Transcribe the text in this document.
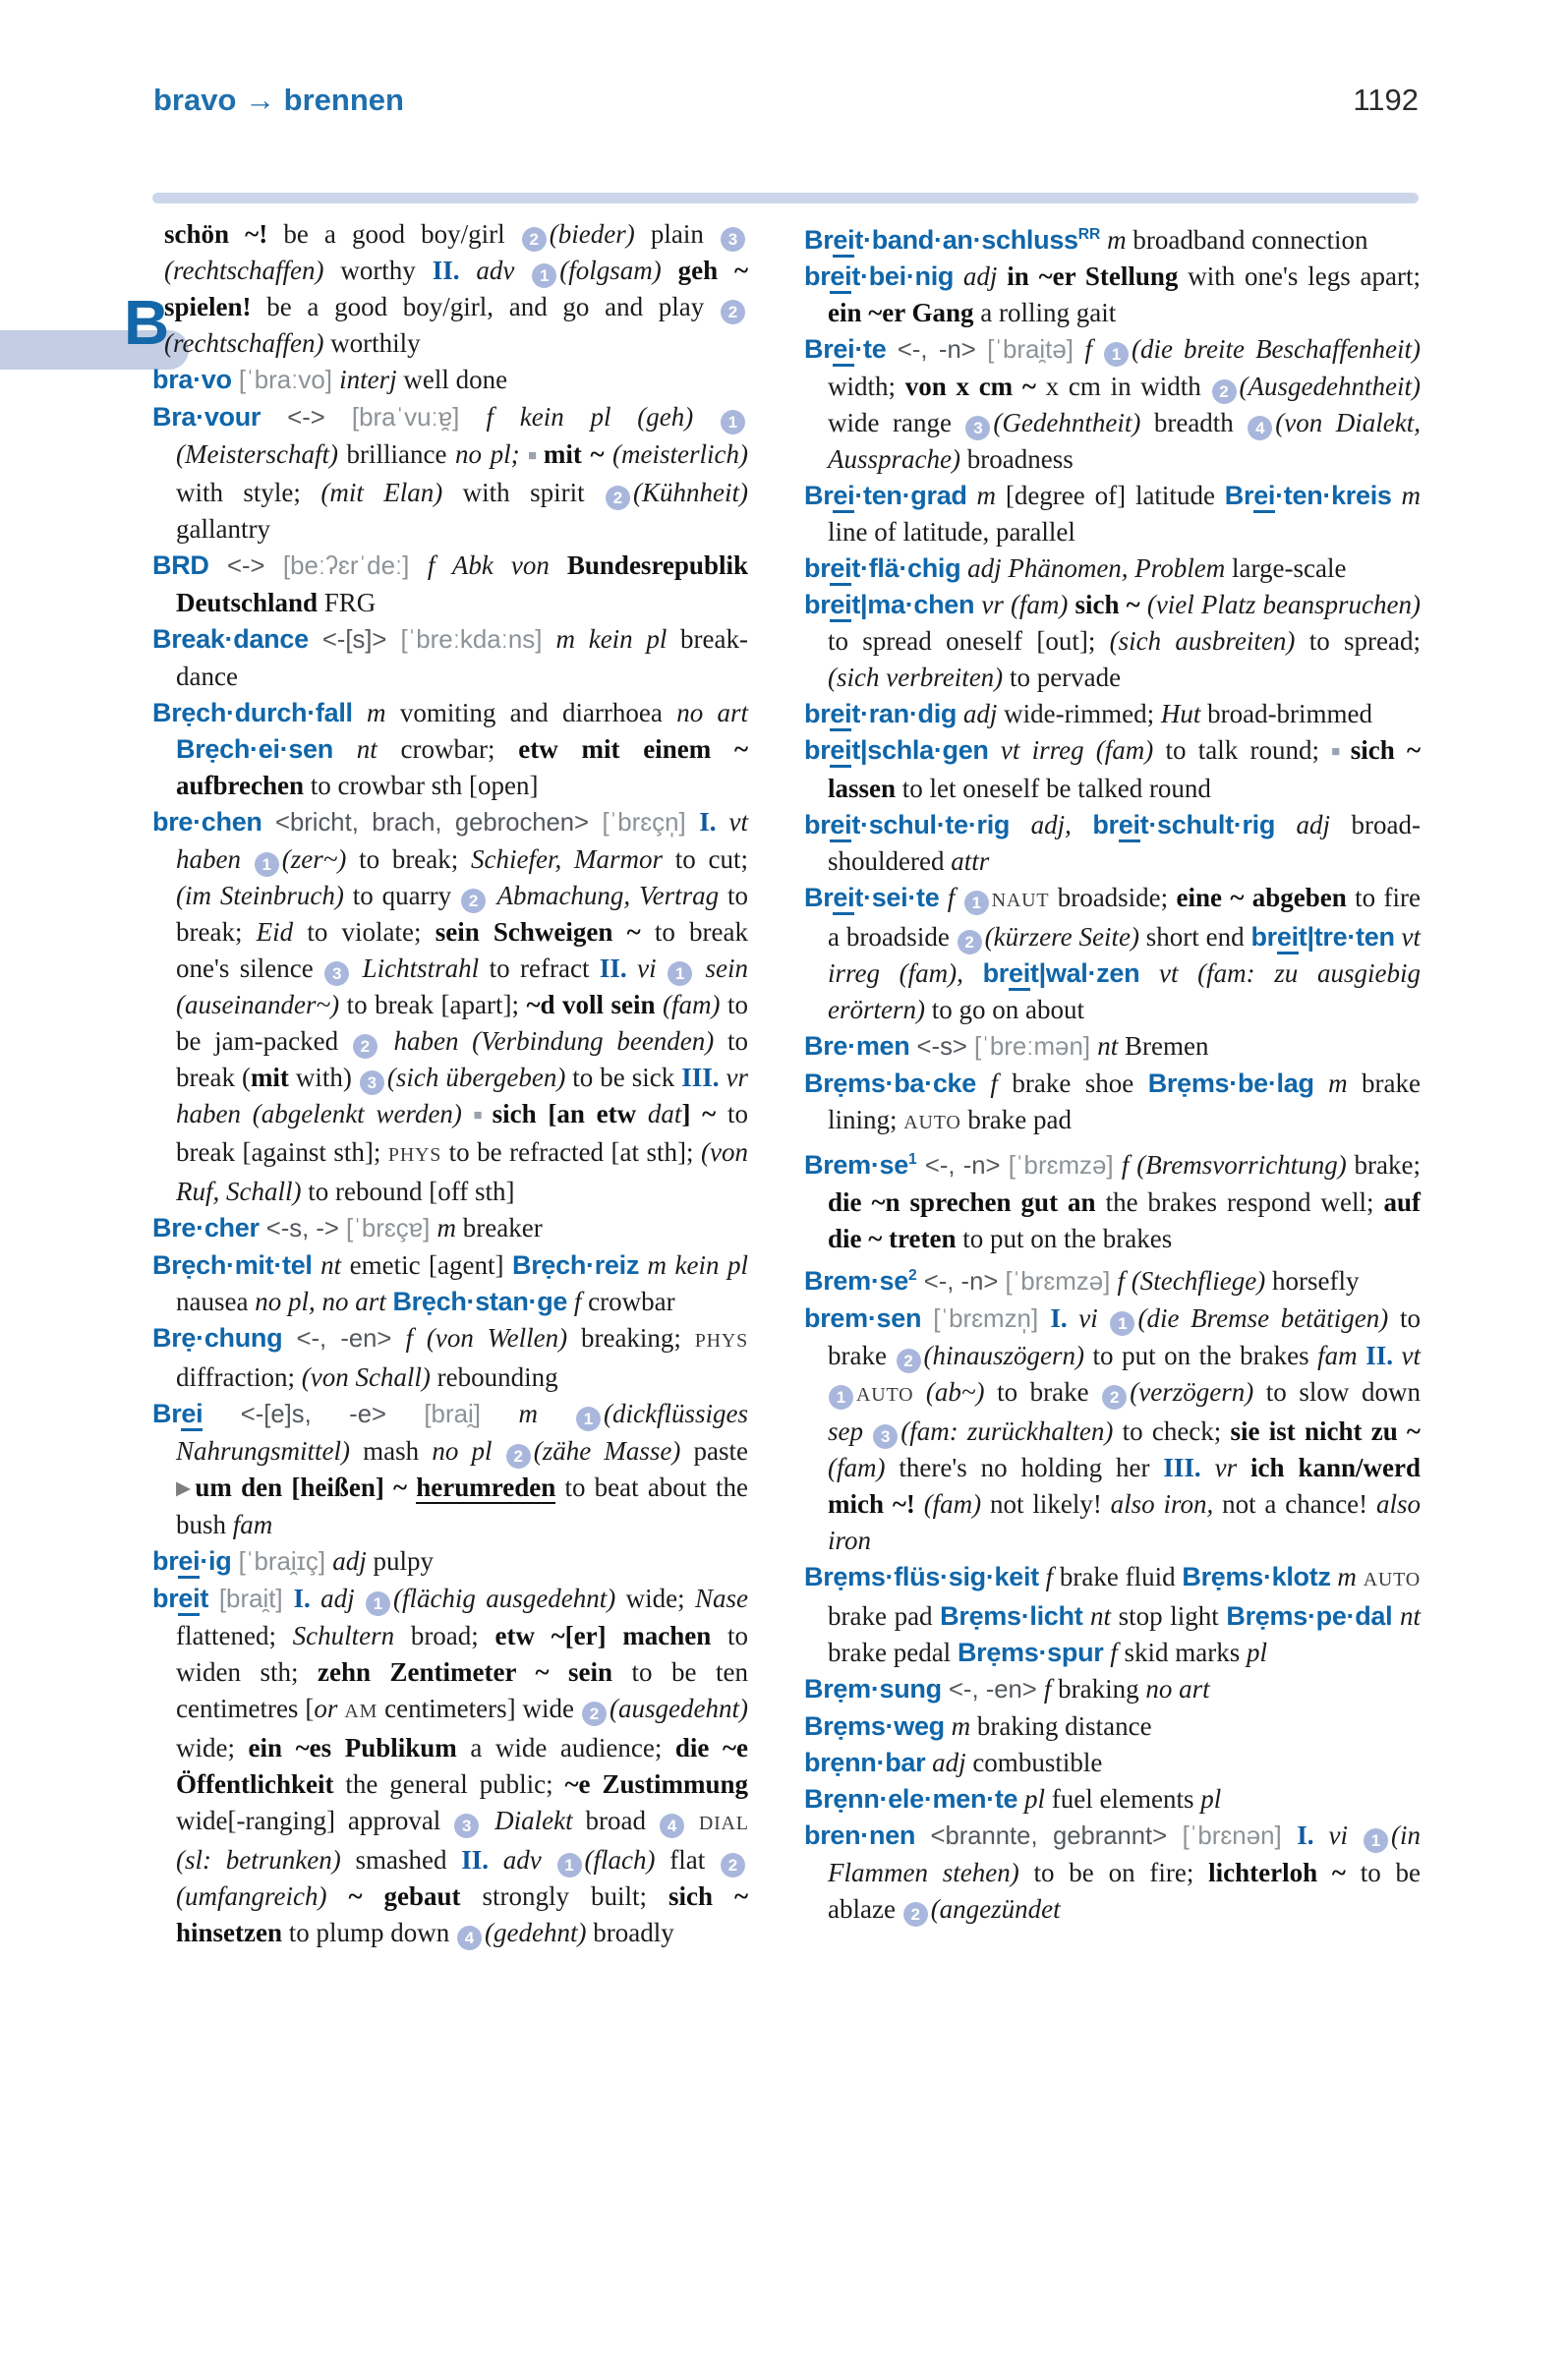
bravo → brennen	1192
B

schön ~! be a good boy/girl 2 (bieder) plain 3(rechtschaffen) worthy II. adv 1 (folgsam) geh ~ spielen! be a good boy/girl, and go and play 2(rechtschaffen) worthily

bra·vo [ˈbraːvo] interj well done

Bra·vour <-> [braˈvuːɐ̯] f kein pl (geh) 1(Meisterschaft) brilliance no pl; ■ mit ~ (meisterlich) with style; (mit Elan) with spirit 2 (Kühnheit) gallantry

BRD <-> [beːʔɛrˈdeː] f Abk von Bundesrepublik Deutschland FRG

Break·dance <-[s]> [ˈbreːkdaːns] m kein pl break-dance

Brẹch·durch·fall m vomiting and diarrhoea no art Brẹch·ei·sen nt crowbar; etw mit einem ~ aufbrechen to crowbar sth [open]

bre·chen <bricht, brach, gebrochen> [ˈbrɛçn̩] I. vt haben 1 (zer~) to break; Schiefer, Marmor to cut; (im Steinbruch) to quarry 2 Abmachung, Vertrag to break; Eid to violate; sein Schweigen ~ to break one's silence 3 Lichtstrahl to refract II. vi 1 sein (auseinander~) to break [apart]; ~d voll sein (fam) to be jam-packed 2 haben (Verbindung beenden) to break (mit with) 3 (sich übergeben) to be sick III. vr haben (abgelenkt werden) ■ sich [an etw dat] ~ to break [against sth]; PHYS to be refracted [at sth]; (von Ruf, Schall) to rebound [off sth]

Bre·cher <-s, -> [ˈbrɛçɐ] m breaker

Brẹch·mit·tel nt emetic [agent] Brẹch·reiz m kein pl nausea no pl, no art Brẹch·stan·ge f crowbar

Brẹ·chung <-, -en> f (von Wellen) breaking; PHYS diffraction; (von Schall) rebounding

Brei <-[e]s, -e> [brai̯] m 1 (dickflüssiges Nahrungsmittel) mash no pl 2 (zähe Masse) paste ▶um den [heißen] ~ herumreden to beat about the bush fam

brei·ig [ˈbrai̯ɪç] adj pulpy

breit [brai̯t] I. adj 1 (flächig ausgedehnt) wide; Nase flattened; Schultern broad; etw ~[er] machen to widen sth; zehn Zentimeter ~ sein to be ten centimetres [or AM centimeters] wide 2 (ausgedehnt) wide; ein ~es Publikum a wide audience; die ~e Öffentlichkeit the general public; ~e Zustimmung wide[-ranging] approval 3 Dialekt broad 4 DIAL (sl: betrunken) smashed II. adv 1 (flach) flat 2(umfangreich) ~ gebaut strongly built; sich ~ hinsetzen to plump down 4 (gedehnt) broadly

Breit·band·an·schluss$^{RR}$ m broadband connection

breit·bei·nig adj in ~er Stellung with one's legs apart; ein ~er Gang a rolling gait

Brei·te <-, -n> [ˈbrai̯tə] f 1 (die breite Beschaffenheit) width; von x cm ~ x cm in width 2 (Ausgedehntheit) wide range 3 (Gedehntheit) breadth 4 (von Dialekt, Aussprache) broadness

Brei·ten·grad m [degree of] latitude Brei·ten·kreis m line of latitude, parallel

breit·flä·chig adj Phänomen, Problem large-scale

breit|ma·chen vr (fam) sich ~ (viel Platz beanspruchen) to spread oneself [out]; (sich ausbreiten) to spread; (sich verbreiten) to pervade

breit·ran·dig adj wide-rimmed; Hut broad-brimmed

breit|schla·gen vt irreg (fam) to talk round; ■ sich ~ lassen to let oneself be talked round

breit·schul·te·rig adj, breit·schult·rig adj broad-shouldered attr

Breit·sei·te f 1 NAUT broadside; eine ~ abgeben to fire a broadside 2 (kürzere Seite) short end breit|tre·ten vt irreg (fam), breit|wal·zen vt (fam: zu ausgiebig erörtern) to go on about

Bre·men <-s> [ˈbreːmən] nt Bremen

Brẹms·ba·cke f brake shoe Brẹms·be·lag m brake lining; AUTO brake pad

$Brem\cdot se^1$ <-, -n> [ˈbrɛmzə] f (Bremsvorrichtung) brake; die ~n sprechen gut an the brakes respond well; auf die ~ treten to put on the brakes

$Brem\cdot se^2$ <-, -n> [ˈbrɛmzə] f (Stechfliege) horsefly

brem·sen [ˈbrɛmzn̩] I. vi 1 (die Bremse betätigen) to brake 2 (hinauszögern) to put on the brakes fam II. vt 1 AUTO (ab~) to brake 2 (verzögern) to slow down sep 3 (fam: zurückhalten) to check; sie ist nicht zu ~ (fam) there's no holding her III. vr ich kann/werd mich ~! (fam) not likely! also iron, not a chance! also iron

Brẹms·flüs·sig·keit f brake fluid Brẹms·klotz m AUTO brake pad Brẹms·licht nt stop light Brẹms·pe·dal nt brake pedal Brẹms·spur f skid marks pl

Brẹm·sung <-, -en> f braking no art

Brẹms·weg m braking distance

brẹnn·bar adj combustible

Brẹnn·ele·men·te pl fuel elements pl

bren·nen <brannte, gebrannt> [ˈbrɛnən] I. vi 1 (in Flammen stehen) to be on fire; lichterloh ~ to be ablaze 2 (angezündet
